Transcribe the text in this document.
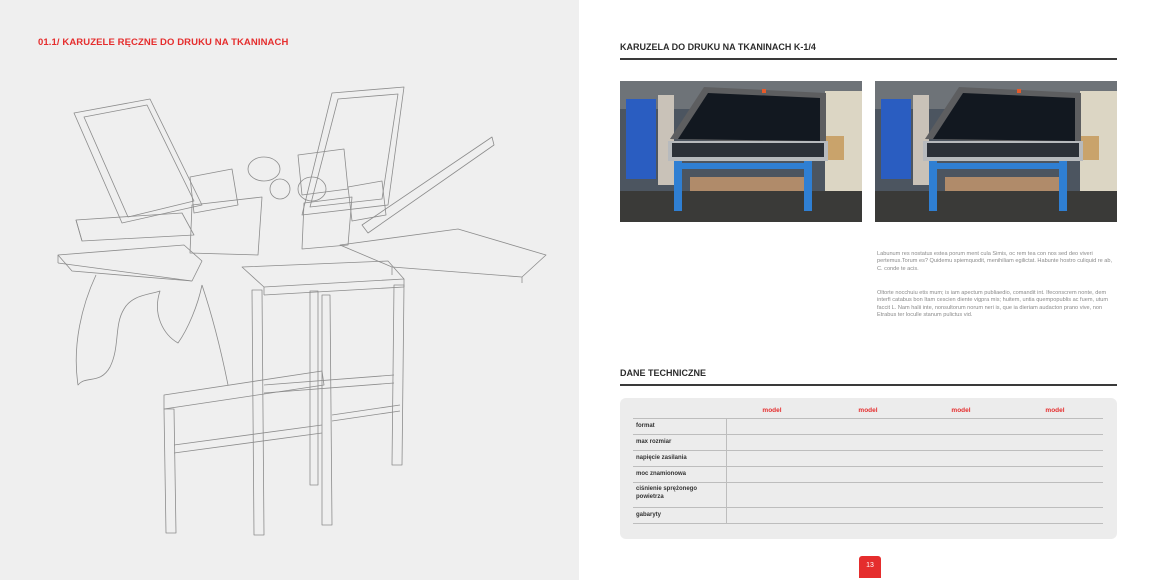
01.1/ KARUZELE RĘCZNE DO DRUKU NA TKANINACH	KARUZELA DO DRUKU NA TKANINACH K-1/4

Labunum res nostatus estea porum ment cula Simis, oc rem tea con nos sed deo viveri pertemus.Torum es? Quidemu spiemquodit, menihiliam egilictat. Habunte hostro culiquid re ab, C. conde te acis.

Oltorte nocchuiu etis mum; is iam apectum publiaedio, comandit int. Ifeconscrem nonte, dem interfi catabus bon Itam cescien diente vigpra mis; huitem, untia quempopublis ac fuem, utum faccit L. Nam halii inte, nonsultorum norum neri is, que ia dieriam audacton prano vive, non Etrabus ter loculle stanum pulictus vid.

DANE TECHNICZNE
model	model	model	model
format
max rozmiar
napięcie zasilania
moc znamionowa
ciśnienie sprężonego powietrza
gabaryty
13
